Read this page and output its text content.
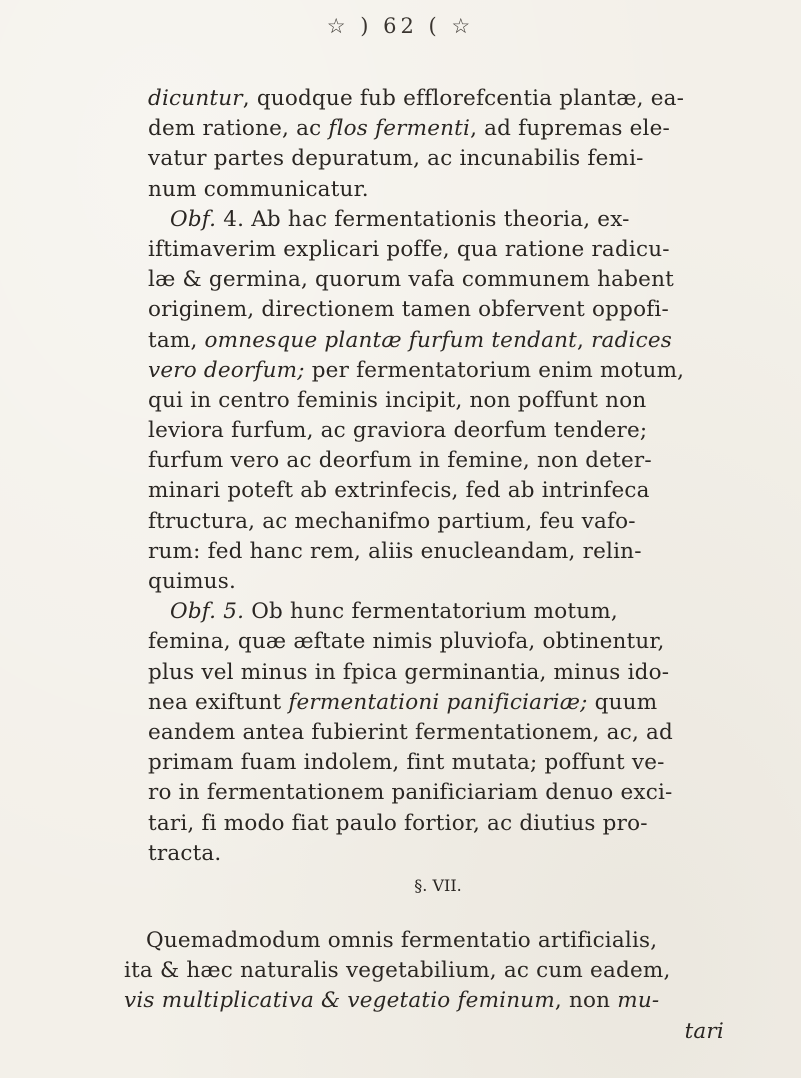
☆ ) 62 ( ☆
dicuntur, quodque fub efflorefcentia plantæ, ea-
dem ratione, ac flos fermenti, ad fupremas ele-
vatur partes depuratum, ac incunabilis femi-
num communicatur.
Obf. 4. Ab hac fermentationis theoria, ex-
iftimaverim explicari poffe, qua ratione radicu-
læ & germina, quorum vafa communem habent
originem, directionem tamen obfervent oppofi-
tam, omnesque plantæ furfum tendant, radices
vero deorfum; per fermentatorium enim motum,
qui in centro feminis incipit, non poffunt non
leviora furfum, ac graviora deorfum tendere;
furfum vero ac deorfum in femine, non deter-
minari poteft ab extrinfecis, fed ab intrinfeca
ftructura, ac mechanifmo partium, feu vafo-
rum: fed hanc rem, aliis enucleandam, relin-
quimus.
Obf. 5. Ob hunc fermentatorium motum,
femina, quæ æftate nimis pluviofa, obtinentur,
plus vel minus in fpica germinantia, minus ido-
nea exiftunt fermentationi panificiariæ; quum
eandem antea fubierint fermentationem, ac, ad
primam fuam indolem, fint mutata; poffunt ve-
ro in fermentationem panificiariam denuo exci-
tari, fi modo fiat paulo fortior, ac diutius pro-
tracta.
§. VII.
Quemadmodum omnis fermentatio artificialis,
ita & hæc naturalis vegetabilium, ac cum eadem,
vis multiplicativa & vegetatio feminum, non mu-
tari
